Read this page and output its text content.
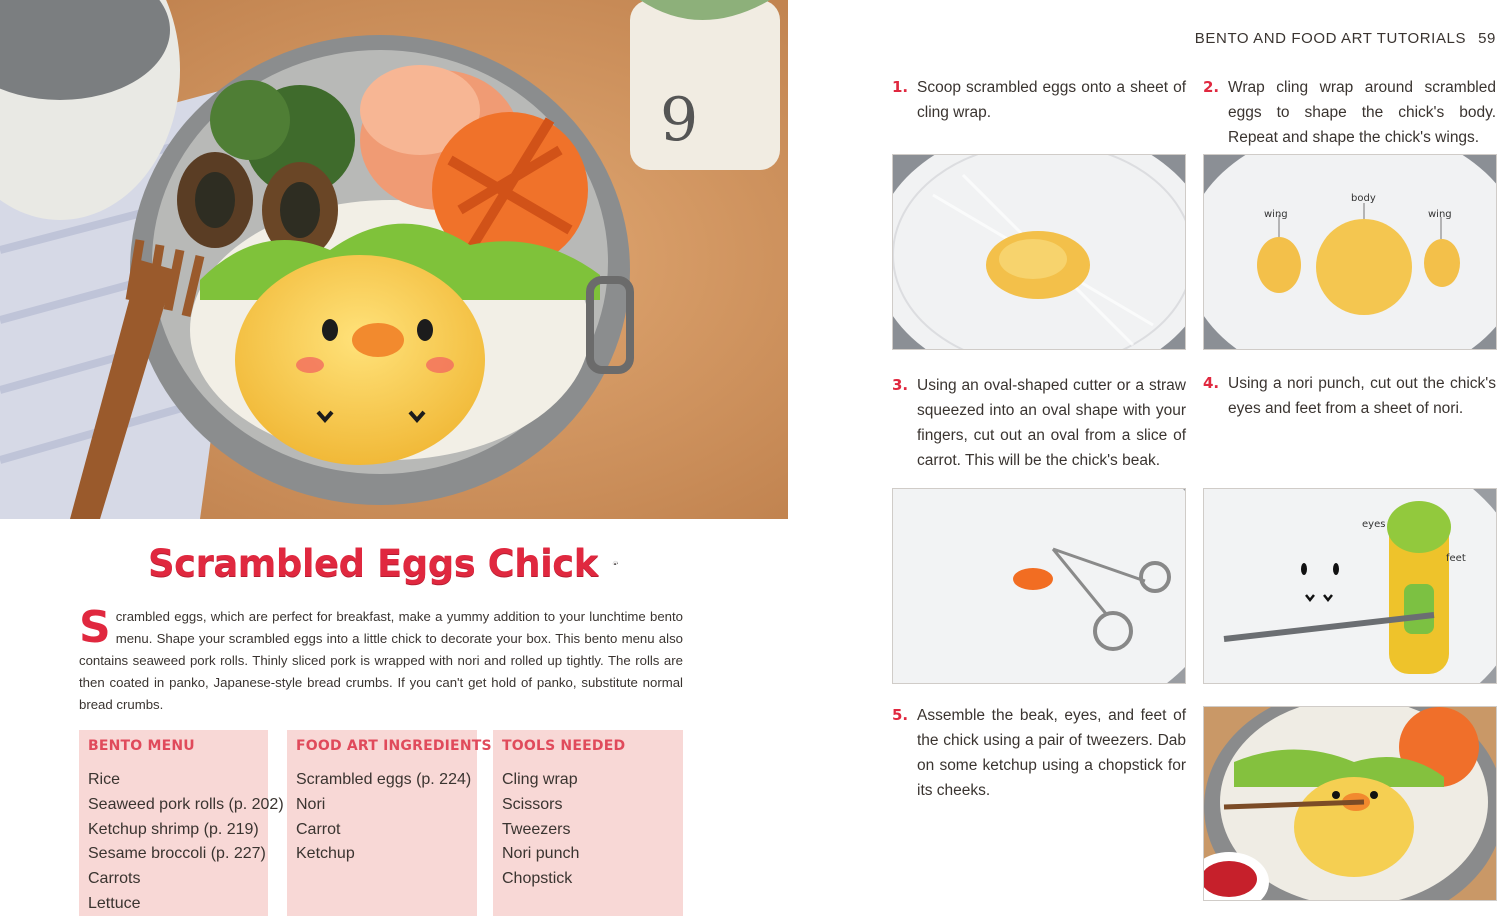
9
Scrambled Eggs Chick
Scrambled eggs, which are perfect for breakfast, make a yummy addition to your lunchtime bento menu. Shape your scrambled eggs into a little chick to decorate your box. This bento menu also contains seaweed pork rolls. Thinly sliced pork is wrapped with nori and rolled up tightly. The rolls are then coated in panko, Japanese-style bread crumbs. If you can't get hold of panko, substitute normal bread crumbs.
BENTO MENU
Rice
Seaweed pork rolls (p. 202)
Ketchup shrimp (p. 219)
Sesame broccoli (p. 227)
Carrots
Lettuce
FOOD ART INGREDIENTS
Scrambled eggs (p. 224)
Nori
Carrot
Ketchup
TOOLS NEEDED
Cling wrap
Scissors
Tweezers
Nori punch
Chopstick
BENTO AND FOOD ART TUTORIALS 59
1. Scoop scrambled eggs onto a sheet of cling wrap.
2. Wrap cling wrap around scrambled eggs to shape the chick's body. Repeat and shape the chick's wings.
wing
body
wing
3. Using an oval-shaped cutter or a straw squeezed into an oval shape with your fingers, cut out an oval from a slice of carrot. This will be the chick's beak.
4. Using a nori punch, cut out the chick's eyes and feet from a sheet of nori.
eyes
feet
5. Assemble the beak, eyes, and feet of the chick using a pair of tweezers. Dab on some ketchup using a chopstick for its cheeks.
